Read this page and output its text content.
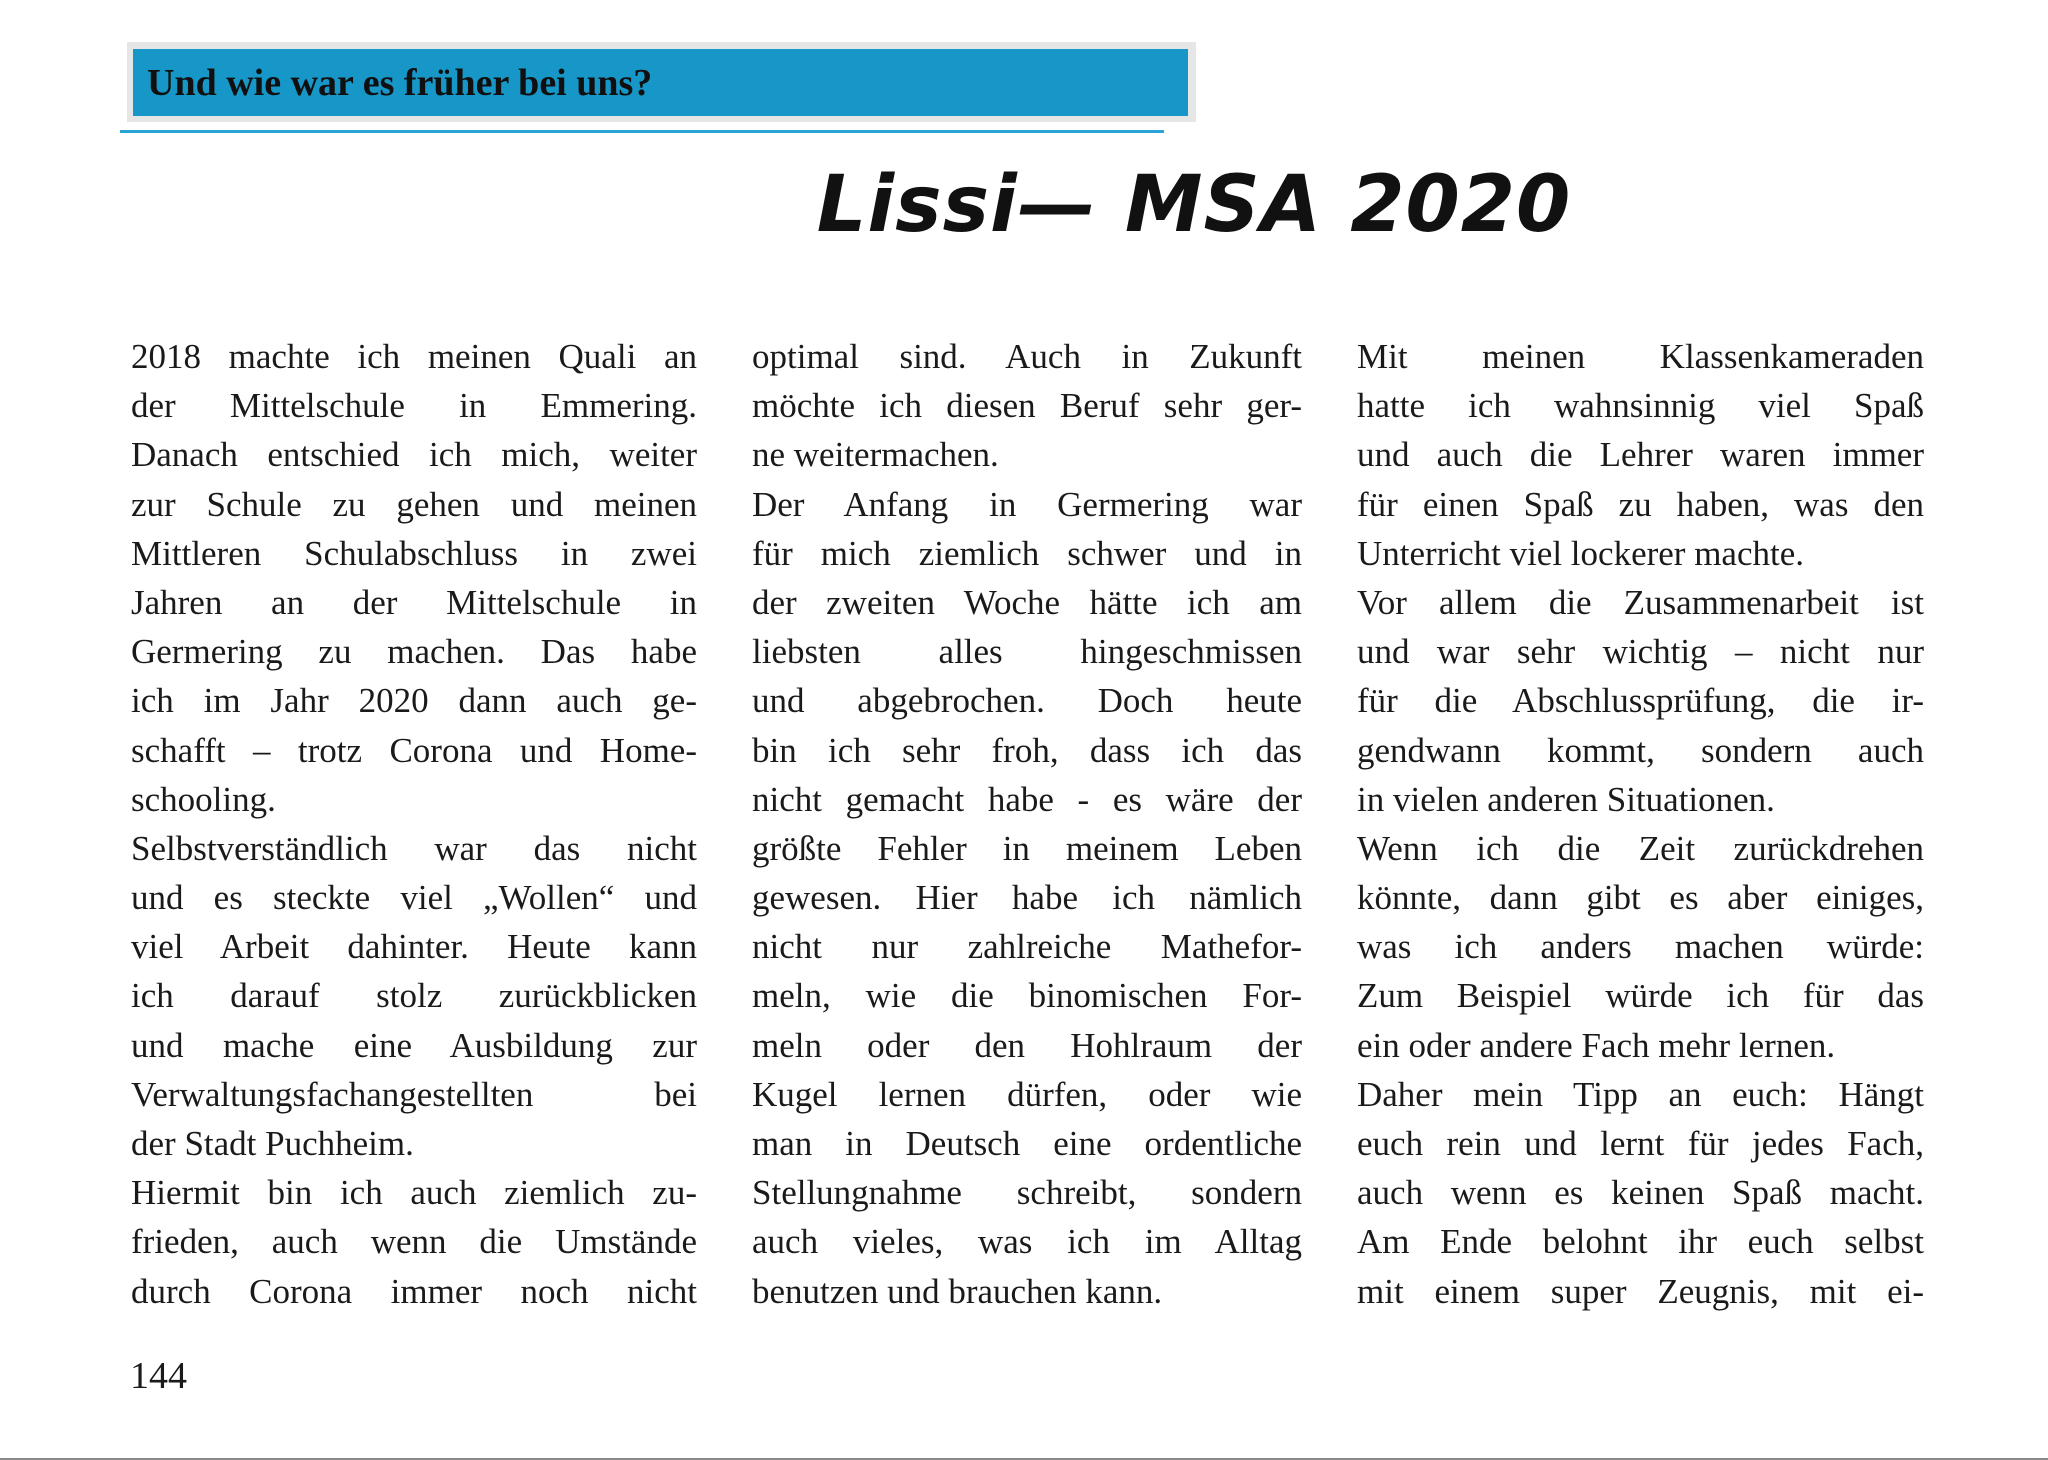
Und wie war es früher bei uns?
Lissi— MSA 2020
2018 machte ich meinen Quali an
der Mittelschule in Emmering.
Danach entschied ich mich, weiter
zur Schule zu gehen und meinen
Mittleren Schulabschluss in zwei
Jahren an der Mittelschule in
Germering zu machen. Das habe
ich im Jahr 2020 dann auch ge-
schafft – trotz Corona und Home-
schooling.
Selbstverständlich war das nicht
und es steckte viel „Wollen“ und
viel Arbeit dahinter. Heute kann
ich darauf stolz zurückblicken
und mache eine Ausbildung zur
Verwaltungsfachangestellten bei
der Stadt Puchheim.
Hiermit bin ich auch ziemlich zu-
frieden, auch wenn die Umstände
durch Corona immer noch nicht
optimal sind. Auch in Zukunft
möchte ich diesen Beruf sehr ger-
ne weitermachen.
Der Anfang in Germering war
für mich ziemlich schwer und in
der zweiten Woche hätte ich am
liebsten alles hingeschmissen
und abgebrochen. Doch heute
bin ich sehr froh, dass ich das
nicht gemacht habe - es wäre der
größte Fehler in meinem Leben
gewesen. Hier habe ich nämlich
nicht nur zahlreiche Mathefor-
meln, wie die binomischen For-
meln oder den Hohlraum der
Kugel lernen dürfen, oder wie
man in Deutsch eine ordentliche
Stellungnahme schreibt, sondern
auch vieles, was ich im Alltag
benutzen und brauchen kann.
Mit meinen Klassenkameraden
hatte ich wahnsinnig viel Spaß
und auch die Lehrer waren immer
für einen Spaß zu haben, was den
Unterricht viel lockerer machte.
Vor allem die Zusammenarbeit ist
und war sehr wichtig – nicht nur
für die Abschlussprüfung, die ir-
gendwann kommt, sondern auch
in vielen anderen Situationen.
Wenn ich die Zeit zurückdrehen
könnte, dann gibt es aber einiges,
was ich anders machen würde:
Zum Beispiel würde ich für das
ein oder andere Fach mehr lernen.
Daher mein Tipp an euch: Hängt
euch rein und lernt für jedes Fach,
auch wenn es keinen Spaß macht.
Am Ende belohnt ihr euch selbst
mit einem super Zeugnis, mit ei-
144
